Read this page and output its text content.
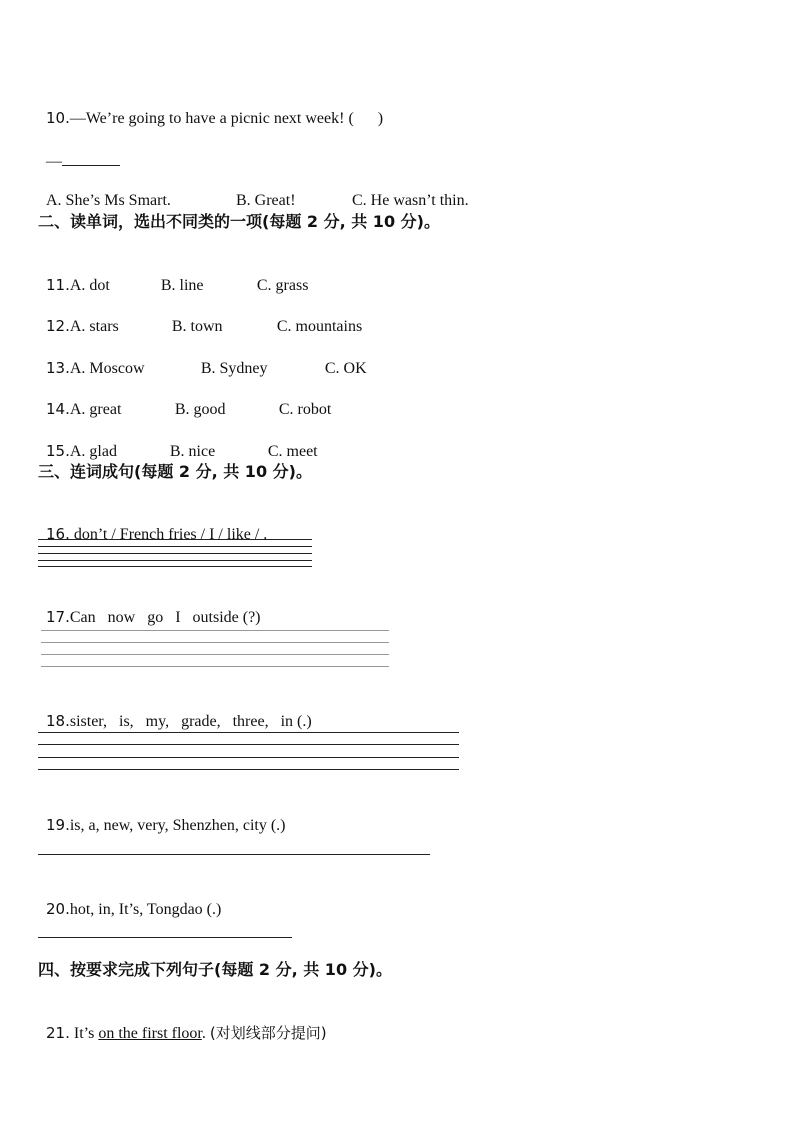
10.—We’re going to have a picnic next week! (      )

—

A. She’s Ms Smart.	B. Great!	C. He wasn’t thin.

二、读单词，选出不同类的一项(每题 2 分, 共 10 分)。

11.A. dot	B. line	C. grass

12.A. stars	B. town	C. mountains

13.A. Moscow	B. Sydney	C. OK

14.A. great	B. good	C. robot

15.A. glad	B. nice	C. meet

三、连词成句(每题 2 分, 共 10 分)。

16. don’t / French fries / I / like / .

17.Can   now   go   I   outside (?)

18.sister,   is,   my,   grade,   three,   in (.)

19.is, a, new, very, Shenzhen, city (.)

20.hot, in, It’s, Tongdao (.)

四、按要求完成下列句子(每题 2 分, 共 10 分)。

21. It’s on the first floor. (对划线部分提问)
